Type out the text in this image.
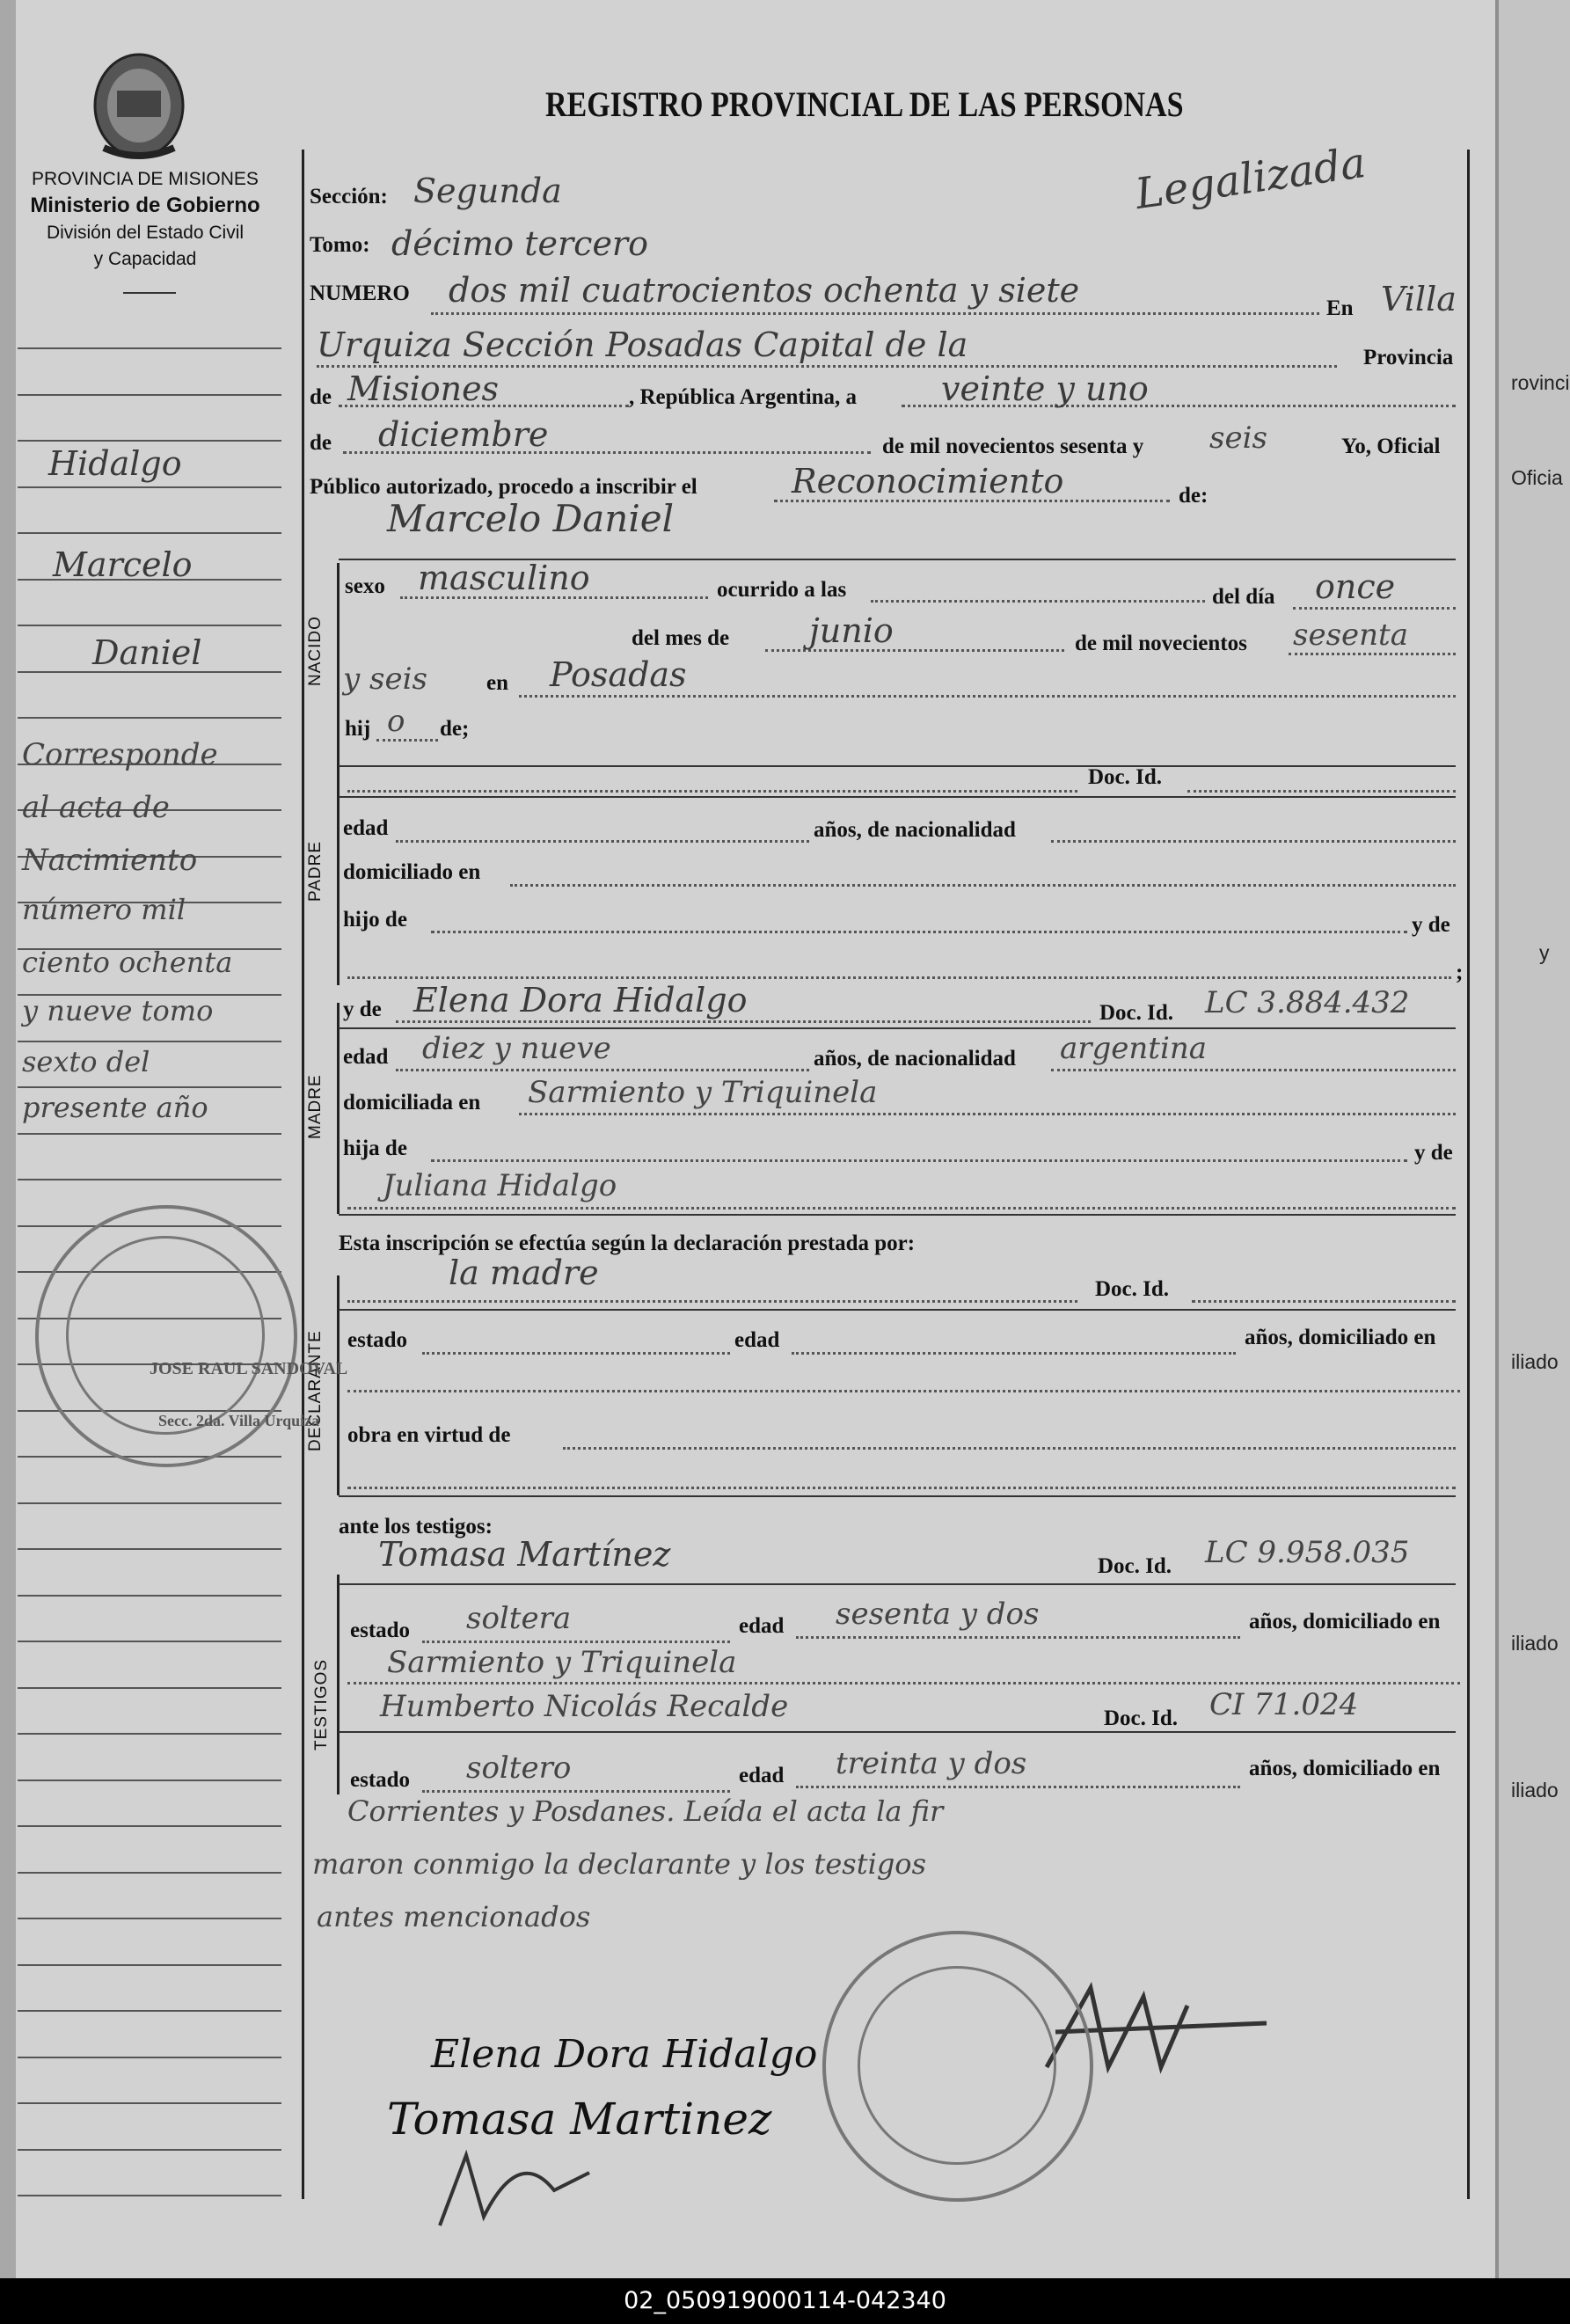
PROVINCIA DE MISIONES
Ministerio de Gobierno
División del Estado Civil
y Capacidad
REGISTRO PROVINCIAL DE LAS PERSONAS
Legalizada
Sección: Segunda
Tomo: décimo tercero
NUMERO dos mil cuatrocientos ochenta y siete	En Villa
Urquiza Sección Posadas Capital de la	Provincia
de Misiones	, República Argentina, a	veinte y uno
de diciembre	de mil novecientos sesenta y seis	Yo, Oficial
Público autorizado, procedo a inscribir el	Reconocimiento	de:
Marcelo Daniel
NACIDO
sexo masculino	ocurrido a las	del día once
del mes de junio	de mil novecientos sesenta
y seis	en Posadas
hij o de;
PADRE
Doc. Id.
edad	años, de nacionalidad
domiciliado en
hijo de	y de
;
MADRE
y de Elena Dora Hidalgo	Doc. Id. LC 3.884.432
edad diez y nueve	años, de nacionalidad argentina
domiciliada en Sarmiento y Triquinela
hija de	y de
Juliana Hidalgo
Esta inscripción se efectúa según la declaración prestada por:
DECLARANTE
la madre	Doc. Id.
estado	edad	años, domiciliado en
obra en virtud de
ante los testigos:
TESTIGOS
Tomasa Martínez	Doc. Id. LC 9.958.035
estado soltera	edad sesenta y dos	años, domiciliado en
Sarmiento y Triquinela
Humberto Nicolás Recalde	Doc. Id. CI 71.024
estado soltero	edad treinta y dos	años, domiciliado en
Corrientes y Posdanes. Leída el acta la fir
maron conmigo la declarante y los testigos
antes mencionados
Elena Dora Hidalgo
Tomasa Martinez
JOSE RAUL SANDOVAL
Secc. 2da. Villa Urquiza
rovinci
Oficia
y
iliado
iliado
iliado
Hidalgo
Marcelo
Daniel
Corresponde
al acta de
Nacimiento
número mil
ciento ochenta
y nueve tomo
sexto del
presente año
02_050919000114-042340
